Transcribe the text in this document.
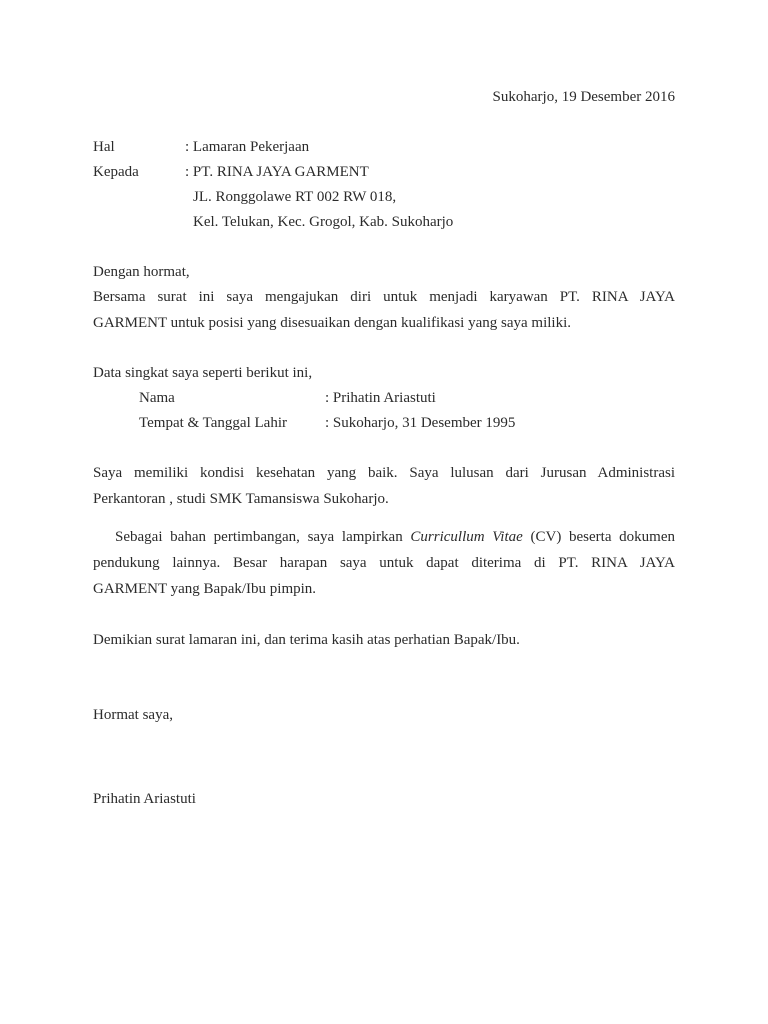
Sukoharjo, 19 Desember 2016
Hal	: Lamaran Pekerjaan
Kepada	: PT. RINA JAYA GARMENT
JL. Ronggolawe RT 002 RW 018,
Kel. Telukan, Kec. Grogol, Kab. Sukoharjo
Dengan hormat,
Bersama surat ini saya mengajukan diri untuk menjadi karyawan PT. RINA JAYA
GARMENT untuk posisi yang disesuaikan dengan kualifikasi yang saya miliki.
Data singkat saya seperti berikut ini,
Nama	: Prihatin Ariastuti
Tempat & Tanggal Lahir	: Sukoharjo, 31 Desember 1995
Saya memiliki kondisi kesehatan yang baik. Saya lulusan dari Jurusan Administrasi
Perkantoran , studi SMK Tamansiswa Sukoharjo.
Sebagai bahan pertimbangan, saya lampirkan Curricullum Vitae (CV) beserta dokumen
pendukung lainnya. Besar harapan saya untuk dapat diterima di PT. RINA JAYA
GARMENT yang Bapak/Ibu pimpin.
Demikian surat lamaran ini, dan terima kasih atas perhatian Bapak/Ibu.
Hormat saya,
Prihatin Ariastuti
